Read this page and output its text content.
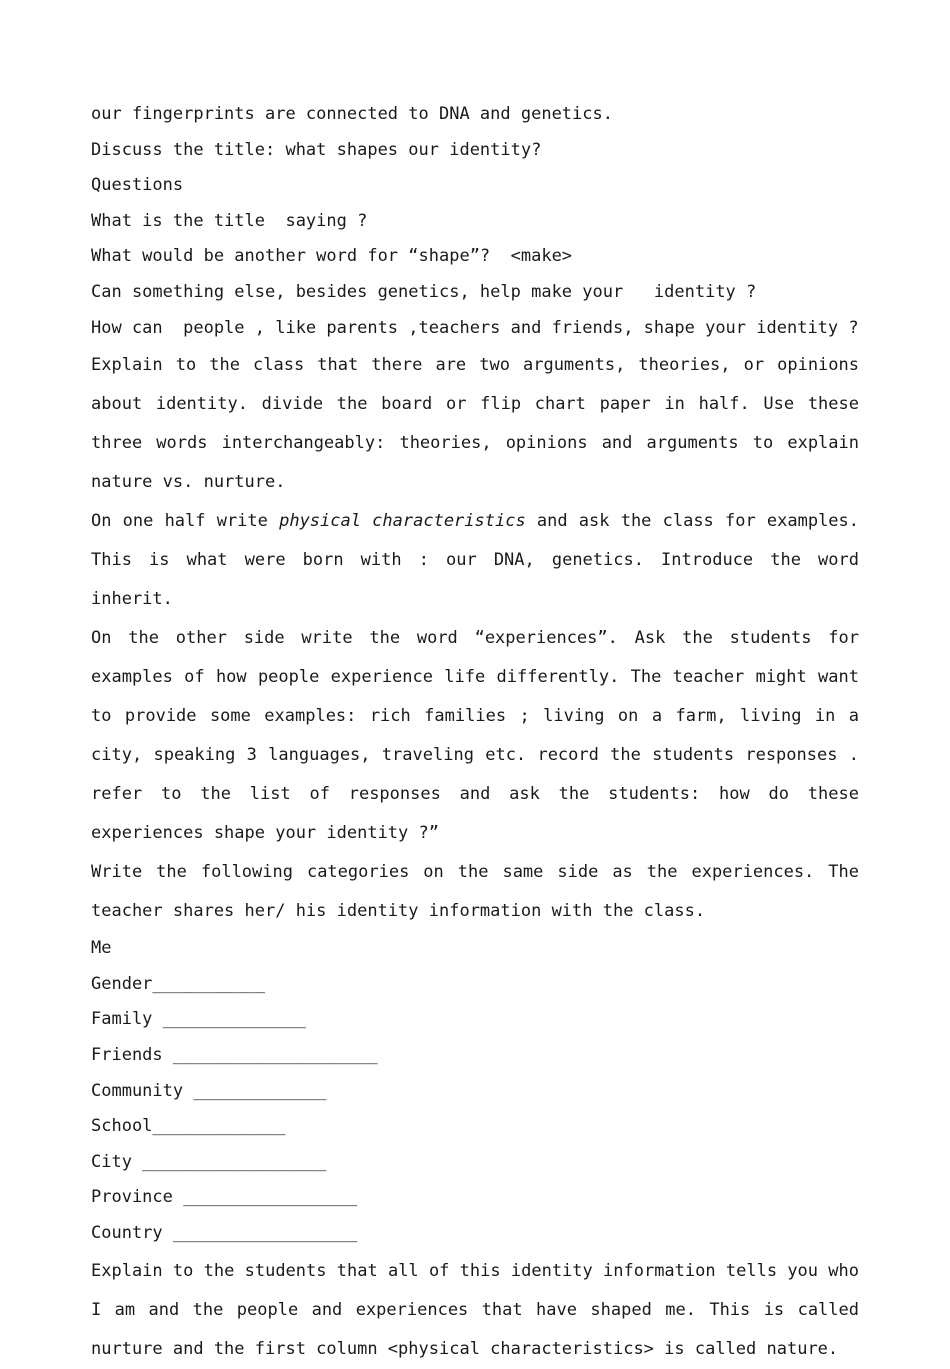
our fingerprints are connected to DNA and genetics.
Discuss the title: what shapes our identity?
Questions
What is the title  saying ?
What would be another word for “shape”?  <make>
Can something else, besides genetics, help make your   identity ?
How can  people , like parents ,teachers and friends, shape your identity ?

Explain to the class that there are two arguments, theories, or opinions about identity. divide the board or flip chart paper in half. Use these three words interchangeably: theories, opinions and arguments to explain nature vs. nurture.

On one half write physical characteristics and ask the class for examples. This is what were born with : our DNA, genetics. Introduce the word inherit.

On the other side write the word “experiences”. Ask the students for examples of how people experience life differently. The teacher might want to provide some examples: rich families ; living on a farm, living in a city, speaking 3 languages, traveling etc. record the students responses . refer to the list of responses and ask the students: how do these experiences shape your identity ?”

Write the following categories on the same side as the experiences. The teacher shares her/ his identity information with the class.

Me
Gender___________
Family ______________
Friends ____________________
Community _____________
School_____________
City __________________
Province _________________
Country __________________

Explain to the students that all of this identity information tells you who I am and the people and experiences that have shaped me. This is called nurture and the first column <physical characteristics> is called nature.
